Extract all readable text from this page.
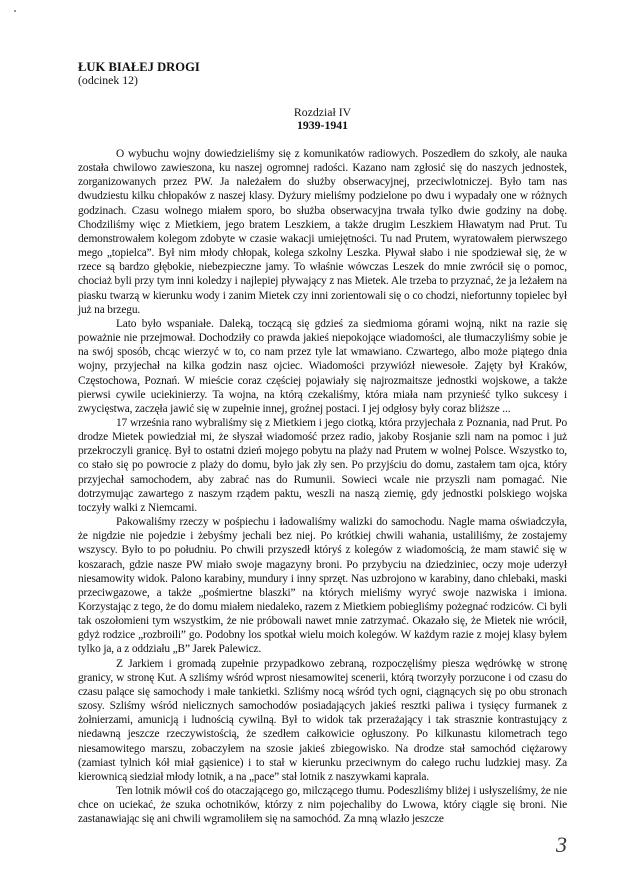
ŁUK BIAŁEJ DROGI
(odcinek 12)
Rozdział IV
1939-1941

O wybuchu wojny dowiedzieliśmy się z komunikatów radiowych. Poszedłem do szkoły, ale nauka została chwilowo zawieszona, ku naszej ogromnej radości. Kazano nam zgłosić się do naszych jednostek, zorganizowanych przez PW. Ja należałem do służby obserwacyjnej, przeciwlotniczej. Było tam nas dwudziestu kilku chłopaków z naszej klasy. Dyżury mieliśmy podzielone po dwu i wypadały one w różnych godzinach. Czasu wolnego miałem sporo, bo służba obserwacyjna trwała tylko dwie godziny na dobę. Chodziliśmy więc z Mietkiem, jego bratem Leszkiem, a także drugim Leszkiem Hławatym nad Prut. Tu demonstrowałem kolegom zdobyte w czasie wakacji umiejętności. Tu nad Prutem, wyratowałem pierwszego mego „topielca”. Był nim młody chłopak, kolega szkolny Leszka. Pływał słabo i nie spodziewał się, że w rzece są bardzo głębokie, niebezpieczne jamy. To właśnie wówczas Leszek do mnie zwrócił się o pomoc, chociaż byli przy tym inni koledzy i najlepiej pływający z nas Mietek. Ale trzeba to przyznać, że ja leżałem na piasku twarzą w kierunku wody i zanim Mietek czy inni zorientowali się o co chodzi, niefortunny topielec był już na brzegu.

Lato było wspaniałe. Daleką, toczącą się gdzieś za siedmioma górami wojną, nikt na razie się poważnie nie przejmował. Dochodziły co prawda jakieś niepokojące wiadomości, ale tłumaczyliśmy sobie je na swój sposób, chcąc wierzyć w to, co nam przez tyle lat wmawiano. Czwartego, albo może piątego dnia wojny, przyjechał na kilka godzin nasz ojciec. Wiadomości przywiózł niewesołe. Zajęty był Kraków, Częstochowa, Poznań. W mieście coraz częściej pojawiały się najrozmaitsze jednostki wojskowe, a także pierwsi cywile uciekinierzy. Ta wojna, na którą czekaliśmy, która miała nam przynieść tylko sukcesy i zwycięstwa, zaczęła jawić się w zupełnie innej, groźnej postaci. I jej odgłosy były coraz bliższe ...

17 września rano wybraliśmy się z Mietkiem i jego ciotką, która przyjechała z Poznania, nad Prut. Po drodze Mietek powiedział mi, że słyszał wiadomość przez radio, jakoby Rosjanie szli nam na pomoc i już przekroczyli granicę. Był to ostatni dzień mojego pobytu na plaży nad Prutem w wolnej Polsce. Wszystko to, co stało się po powrocie z plaży do domu, było jak zły sen. Po przyjściu do domu, zastałem tam ojca, który przyjechał samochodem, aby zabrać nas do Rumunii. Sowieci wcale nie przyszli nam pomagać. Nie dotrzymując zawartego z naszym rządem paktu, weszli na naszą ziemię, gdy jednostki polskiego wojska toczyły walki z Niemcami.

Pakowaliśmy rzeczy w pośpiechu i ładowaliśmy walizki do samochodu. Nagle mama oświadczyła, że nigdzie nie pojedzie i żebyśmy jechali bez niej. Po krótkiej chwili wahania, ustaliliśmy, że zostajemy wszyscy. Było to po południu. Po chwili przyszedł któryś z kolegów z wiadomością, że mam stawić się w koszarach, gdzie nasze PW miało swoje magazyny broni. Po przybyciu na dziedziniec, oczy moje uderzył niesamowity widok. Palono karabiny, mundury i inny sprzęt. Nas uzbrojono w karabiny, dano chlebaki, maski przeciwgazowe, a także „pośmiertne blaszki” na których mieliśmy wyryć swoje nazwiska i imiona. Korzystając z tego, że do domu miałem niedaleko, razem z Mietkiem pobiegliśmy pożegnać rodziców. Ci byli tak oszołomieni tym wszystkim, że nie próbowali nawet mnie zatrzymać. Okazało się, że Mietek nie wrócił, gdyż rodzice „rozbroili” go. Podobny los spotkał wielu moich kolegów. W każdym razie z mojej klasy byłem tylko ja, a z oddziału „B” Jarek Palewicz.

Z Jarkiem i gromadą zupełnie przypadkowo zebraną, rozpoczęliśmy piesza wędrówkę w stronę granicy, w stronę Kut. A szliśmy wśród wprost niesamowitej scenerii, którą tworzyły porzucone i od czasu do czasu palące się samochody i małe tankietki. Szliśmy nocą wśród tych ogni, ciągnących się po obu stronach szosy. Szliśmy wśród nielicznych samochodów posiadających jakieś resztki paliwa i tysięcy furmanek z żołnierzami, amunicją i ludnością cywilną. Był to widok tak przerażający i tak strasznie kontrastujący z niedawną jeszcze rzeczywistością, że szedłem całkowicie ogłuszony. Po kilkunastu kilometrach tego niesamowitego marszu, zobaczyłem na szosie jakieś zbiegowisko. Na drodze stał samochód ciężarowy (zamiast tylnich kół miał gąsienice) i to stał w kierunku przeciwnym do całego ruchu ludzkiej masy. Za kierownicą siedział młody lotnik, a na „pace” stał lotnik z naszywkami kaprala.

Ten lotnik mówił coś do otaczającego go, milczącego tłumu. Podeszliśmy bliżej i usłyszeliśmy, że nie chce on uciekać, że szuka ochotników, którzy z nim pojechaliby do Lwowa, który ciągle się broni. Nie zastanawiając się ani chwili wgramoliłem się na samochód. Za mną wlazło jeszcze

3
